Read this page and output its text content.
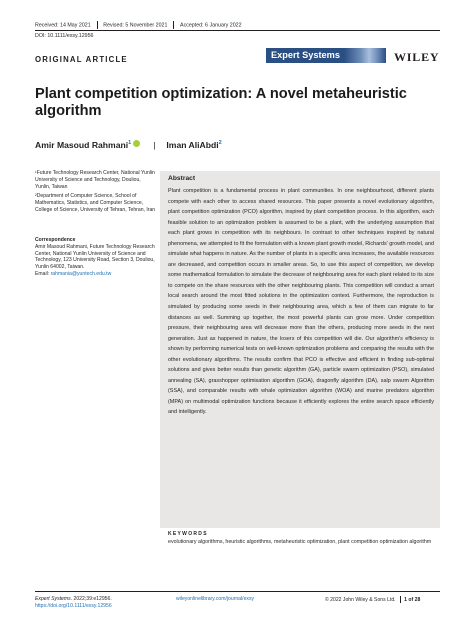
Received: 14 May 2021 Revised: 5 November 2021 Accepted: 6 January 2022
DOI: 10.1111/exsy.12956
ORIGINAL ARTICLE	Expert Systems	WILEY
Plant competition optimization: A novel metaheuristic algorithm
Amir Masoud Rahmani$^1$	| Iman AliAbdi$^2$

¹Future Technology Research Center, National Yunlin University of Science and Technology, Douliou, Yunlin, Taiwan

²Department of Computer Science, School of Mathematics, Statistics, and Computer Science, College of Science, University of Tehran, Tehran, Iran

Correspondence

Amir Masoud Rahmani, Future Technology Research Center, National Yunlin University of Science and Technology, 123 University Road, Section 3, Douliou, Yunlin 64002, Taiwan.

Email: rahmania@yuntech.edu.tw

Abstract
Plant competition is a fundamental process in plant communities. In one neighbourhood, different plants compete with each other to access shared resources. This paper presents a novel evolutionary algorithm, plant competition optimization (PCO) algorithm, inspired by plant competition process. In this algorithm, each feasible solution to an optimization problem is assumed to be a plant, with the underlying assumption that each plant grows in competition with its neighbours. In contrast to other techniques inspired by natural phenomena, we attempted to fit the formulation with a known plant growth model, Richards' growth model, and simulate what happens in nature. As the number of plants in a specific area increases, the available resources are decreased, and competition occurs in smaller areas. So, to use this aspect of competition, we develop some mathematical formulation to simulate the decrease of neighbouring area for each plant related to its size to compete on the share resources with the other neighbouring plants. This competition will conduct a smart local search around the most fitted solutions in the optimization context. Furthermore, the reproduction is simulated by producing some seeds in their neighbouring area, which a few of them can migrate to far distances as well. Summing up together, the most powerful plants can grow more. Under competition pressure, their neighbouring area will decrease more than the others, producing more seeds in the next generation. Just as happened in nature, the losers of this competition will die. Our algorithm's efficiency is shown by performing numerical tests on well-known optimization problems and comparing the results with the other evolutionary algorithms. The results confirm that PCO is effective and efficient in finding sub-optimal solutions and gives better results than genetic algorithm (GA), particle swarm optimization (PSO), simulated annealing (SA), grasshopper optimisation algorithm (GOA), dragonfly algorithm (DA), salp swarm Algorithm (SSA), and comparable results with whale optimization algorithm (WOA) and marine predators algorithm (MPA) on multimodal optimization functions because it efficiently explores the entire search space efficiently and intelligently.
KEYWORDS
evolutionary algorithms, heuristic algorithms, metaheuristic optimization, plant competition optimization algorithm
Expert Systems. 2022;39:e12956.
https://doi.org/10.1111/exsy.12956
wileyonlinelibrary.com/journal/exsy	© 2022 John Wiley & Sons Ltd. 1 of 28
